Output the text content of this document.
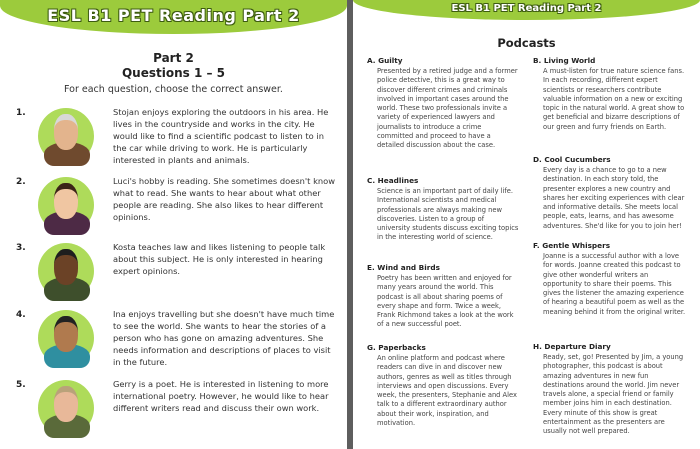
ESL B1 PET Reading Part 2
Part 2
Questions 1 – 5
For each question, choose the correct answer.
1.	Stojan enjoys exploring the outdoors in his area. He lives in the countryside and works in the city. He would like to find a scientific podcast to listen to in the car while driving to work. He is particularly interested in plants and animals.
2.	Luci's hobby is reading. She sometimes doesn't know what to read. She wants to hear about what other people are reading. She also likes to hear different opinions.
3.	Kosta teaches law and likes listening to people talk about this subject. He is only interested in hearing expert opinions.
4.	Ina enjoys travelling but she doesn't have much time to see the world. She wants to hear the stories of a person who has gone on amazing adventures. She needs information and descriptions of places to visit in the future.
5.	Gerry is a poet. He is interested in listening to more international poetry. However, he would like to hear different writers read and discuss their own work.
ESL B1 PET Reading Part 2
Podcasts
A. Guilty
Presented by a retired judge and a former police detective, this is a great way to discover different crimes and criminals involved in important cases around the world. These two professionals invite a variety of experienced lawyers and journalists to introduce a crime committed and proceed to have a detailed discussion about the case.
C. Headlines
Science is an important part of daily life. International scientists and medical professionals are always making new discoveries. Listen to a group of university students discuss exciting topics in the interesting world of science.
E. Wind and Birds
Poetry has been written and enjoyed for many years around the world. This podcast is all about sharing poems of every shape and form. Twice a week, Frank Richmond takes a look at the work of a new successful poet.
G. Paperbacks
An online platform and podcast where readers can dive in and discover new authors, genres as well as titles through interviews and open discussions. Every week, the presenters, Stephanie and Alex talk to a different extraordinary author about their work, inspiration, and motivation.
B. Living World
A must-listen for true nature science fans. In each recording, different expert scientists or researchers contribute valuable information on a new or exciting topic in the natural world. A great show to get beneficial and bizarre descriptions of our green and furry friends on Earth.
D. Cool Cucumbers
Every day is a chance to go to a new destination. In each story told, the presenter explores a new country and shares her exciting experiences with clear and informative details. She meets local people, eats, learns, and has awesome adventures. She'd like for you to join her!
F. Gentle Whispers
Joanne is a successful author with a love for words. Joanne created this podcast to give other wonderful writers an opportunity to share their poems. This gives the listener the amazing experience of hearing a beautiful poem as well as the meaning behind it from the original writer.
H. Departure Diary
Ready, set, go! Presented by Jim, a young photographer, this podcast is about amazing adventures in new fun destinations around the world. Jim never travels alone, a special friend or family member joins him in each destination. Every minute of this show is great entertainment as the presenters are usually not well prepared.
